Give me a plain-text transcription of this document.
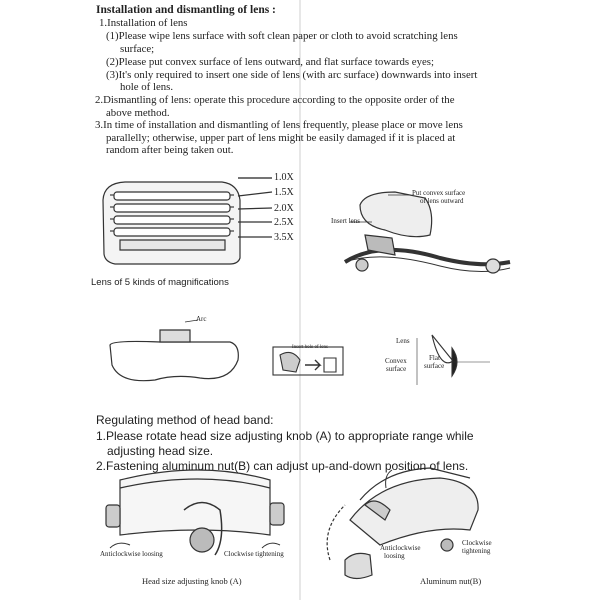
Installation and dismantling of lens :
1.Installation of lens
(1)Please wipe lens surface with soft clean paper or cloth to avoid scratching lens
surface;
(2)Please put convex surface of lens outward, and flat surface towards eyes;
(3)It's only required to insert one side of lens (with arc surface) downwards into insert
hole of lens.
2.Dismantling of lens: operate this procedure according to the opposite order of the
above method.
3.In time of installation and dismantling of lens frequently, please place or move lens
parallelly; otherwise, upper part of lens might be easily damaged if it is placed at
random after being taken out.
1.0X
1.5X
2.0X
2.5X
3.5X
Lens of 5 kinds of magnifications
Put convex surface
of lens outward
Insert lens
Arc
Insert hole of lens
Lens
Convex
surface
Flat
surface
Regulating method of head band:
1.Please rotate head size adjusting knob (A) to appropriate range while
adjusting head size.
2.Fastening aluminum nut(B) can adjust up-and-down position of lens.
Anticlockwise loosing	Clockwise tightening
Head size adjusting knob (A)
Anticlockwise
loosing
Clockwise
tightening
Aluminum nut(B)
